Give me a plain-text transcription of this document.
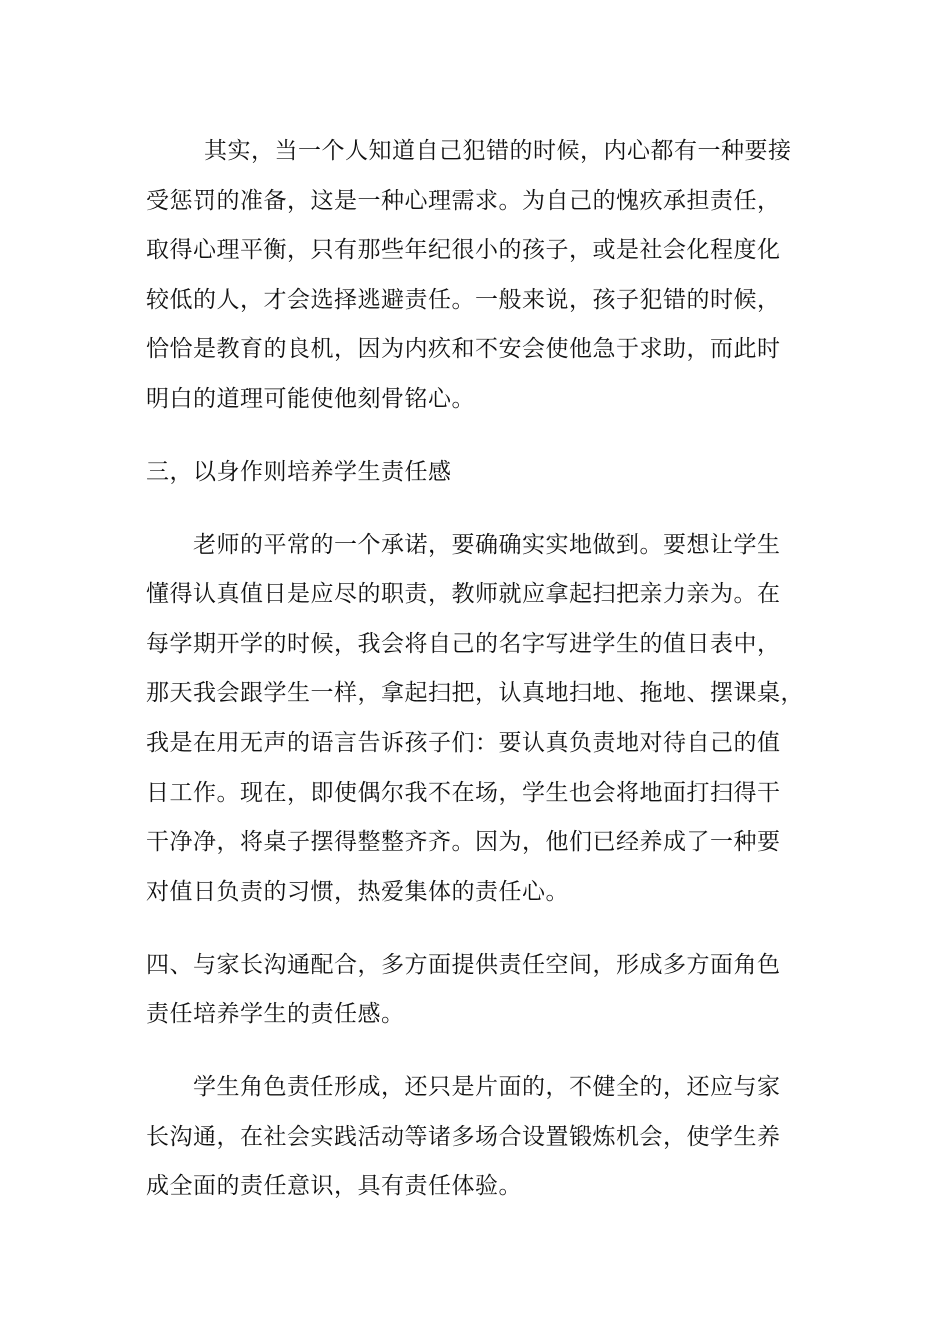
其实，当一个人知道自己犯错的时候，内心都有一种要接
受惩罚的准备，这是一种心理需求。为自己的愧疚承担责任，
取得心理平衡，只有那些年纪很小的孩子，或是社会化程度化
较低的人，才会选择逃避责任。一般来说，孩子犯错的时候，
恰恰是教育的良机，因为内疚和不安会使他急于求助，而此时
明白的道理可能使他刻骨铭心。
三，以身作则培养学生责任感
老师的平常的一个承诺，要确确实实地做到。要想让学生
懂得认真值日是应尽的职责，教师就应拿起扫把亲力亲为。在
每学期开学的时候，我会将自己的名字写进学生的值日表中，
那天我会跟学生一样，拿起扫把，认真地扫地、拖地、摆课桌，
我是在用无声的语言告诉孩子们：要认真负责地对待自己的值
日工作。现在，即使偶尔我不在场，学生也会将地面打扫得干
干净净，将桌子摆得整整齐齐。因为，他们已经养成了一种要
对值日负责的习惯，热爱集体的责任心。
四、与家长沟通配合，多方面提供责任空间，形成多方面角色
责任培养学生的责任感。
学生角色责任形成，还只是片面的，不健全的，还应与家
长沟通，在社会实践活动等诸多场合设置锻炼机会，使学生养
成全面的责任意识，具有责任体验。
